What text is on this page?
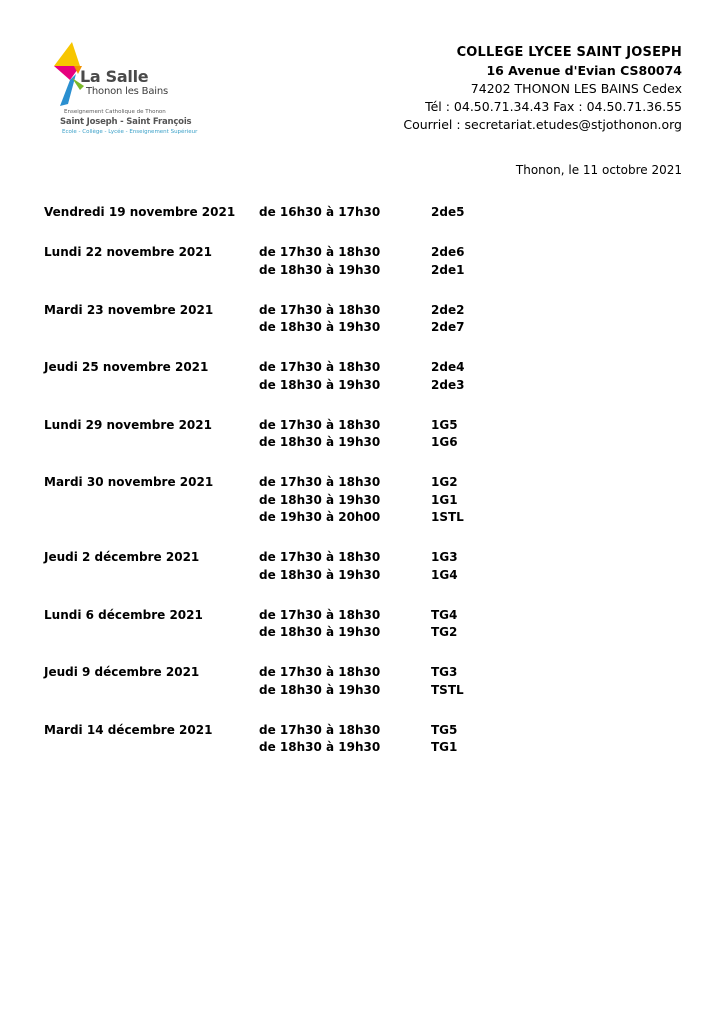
La Salle
Thonon les Bains
Enseignement Catholique de Thonon
Saint Joseph - Saint François
Ecole - Collège - Lycée - Enseignement Supérieur
COLLEGE LYCEE SAINT JOSEPH
16 Avenue d'Evian CS80074
74202 THONON LES BAINS Cedex
Tél : 04.50.71.34.43 Fax : 04.50.71.36.55
Courriel : secretariat.etudes@stjothonon.org
Thonon, le 11 octobre 2021
Vendredi 19 novembre 2021 de 16h30 à 17h30	2de5
Lundi 22 novembre 2021	de 17h30 à 18h30	2de6
de 18h30 à 19h30	2de1
Mardi 23 novembre 2021	de 17h30 à 18h30	2de2
de 18h30 à 19h30	2de7
Jeudi 25 novembre 2021	de 17h30 à 18h30	2de4
de 18h30 à 19h30	2de3
Lundi 29 novembre 2021	de 17h30 à 18h30	1G5
de 18h30 à 19h30	1G6
Mardi 30 novembre 2021	de 17h30 à 18h30	1G2
de 18h30 à 19h30	1G1
de 19h30 à 20h00	1STL
Jeudi 2 décembre 2021	de 17h30 à 18h30	1G3
de 18h30 à 19h30	1G4
Lundi 6 décembre 2021	de 17h30 à 18h30	TG4
de 18h30 à 19h30	TG2
Jeudi 9 décembre 2021	de 17h30 à 18h30	TG3
de 18h30 à 19h30	TSTL
Mardi 14 décembre 2021	de 17h30 à 18h30	TG5
de 18h30 à 19h30	TG1
